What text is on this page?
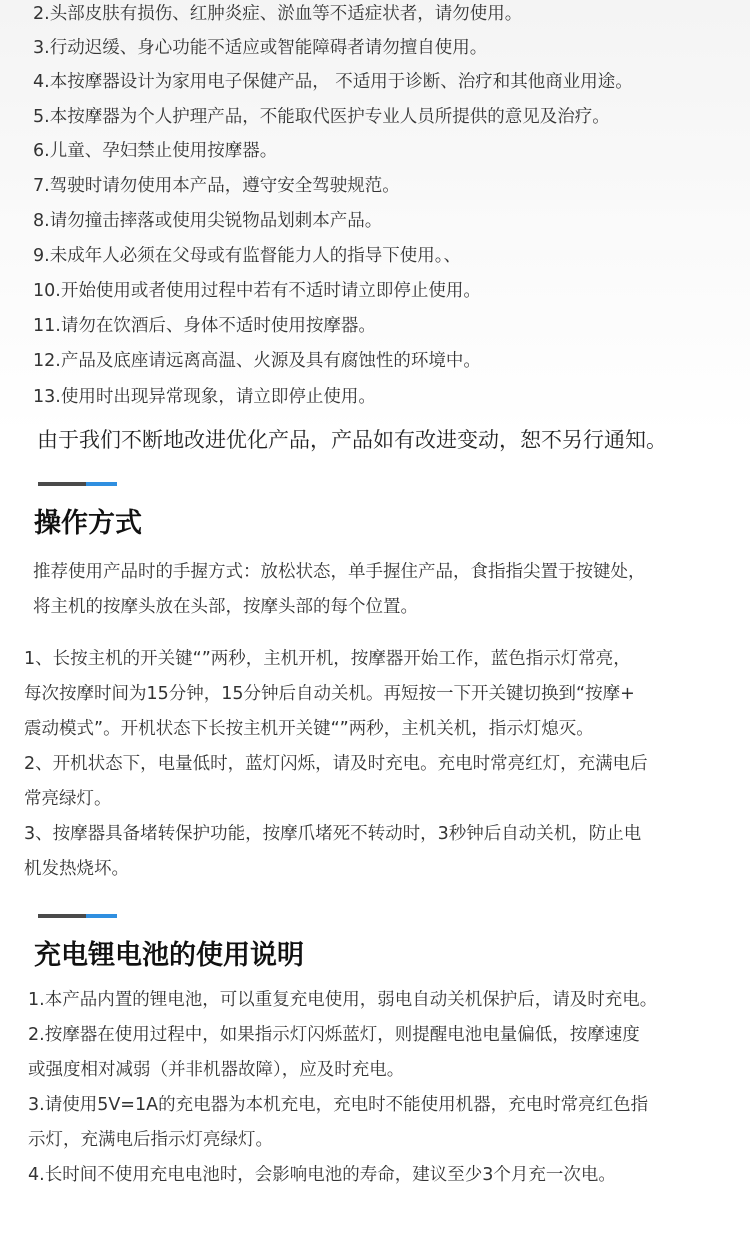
2.头部皮肤有损伤、红肿炎症、淤血等不适症状者，请勿使用。
3.行动迟缓、身心功能不适应或智能障碍者请勿擅自使用。
4.本按摩器设计为家用电子保健产品， 不适用于诊断、治疗和其他商业用途。
5.本按摩器为个人护理产品，不能取代医护专业人员所提供的意见及治疗。
6.儿童、孕妇禁止使用按摩器。
7.驾驶时请勿使用本产品，遵守安全驾驶规范。
8.请勿撞击摔落或使用尖锐物品划刺本产品。
9.未成年人必须在父母或有监督能力人的指导下使用。、
10.开始使用或者使用过程中若有不适时请立即停止使用。
11.请勿在饮酒后、身体不适时使用按摩器。
12.产品及底座请远离高温、火源及具有腐蚀性的环境中。
13.使用时出现异常现象，请立即停止使用。
由于我们不断地改进优化产品，产品如有改进变动，恕不另行通知。
操作方式
推荐使用产品时的手握方式：放松状态，单手握住产品，食指指尖置于按键处，
将主机的按摩头放在头部，按摩头部的每个位置。
1、长按主机的开关键“”两秒，主机开机，按摩器开始工作，蓝色指示灯常亮，
每次按摩时间为15分钟，15分钟后自动关机。再短按一下开关键切换到“按摩+
震动模式”。开机状态下长按主机开关键“”两秒，主机关机，指示灯熄灭。
2、开机状态下，电量低时，蓝灯闪烁，请及时充电。充电时常亮红灯，充满电后
常亮绿灯。
3、按摩器具备堵转保护功能，按摩爪堵死不转动时，3秒钟后自动关机，防止电
机发热烧坏。
充电锂电池的使用说明
1.本产品内置的锂电池，可以重复充电使用，弱电自动关机保护后，请及时充电。
2.按摩器在使用过程中，如果指示灯闪烁蓝灯，则提醒电池电量偏低，按摩速度
或强度相对减弱（并非机器故障），应及时充电。
3.请使用5V=1A的充电器为本机充电，充电时不能使用机器，充电时常亮红色指
示灯，充满电后指示灯亮绿灯。
4.长时间不使用充电电池时，会影响电池的寿命，建议至少3个月充一次电。
